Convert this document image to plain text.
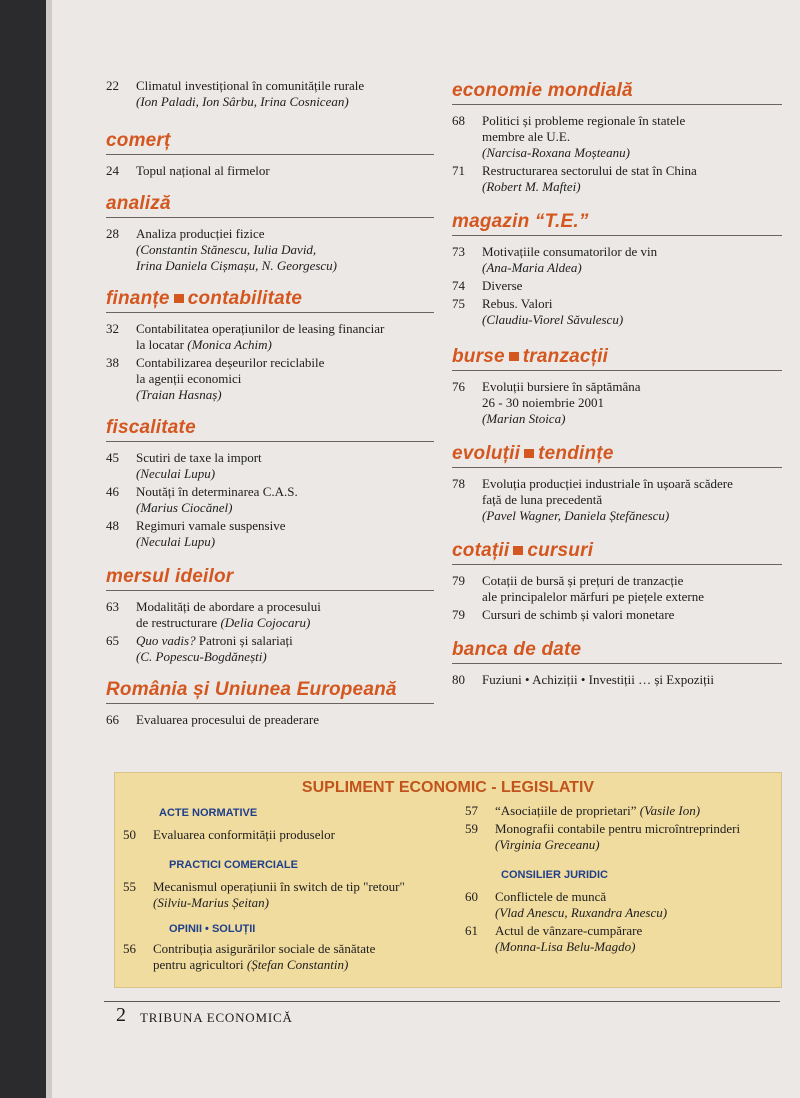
22	Climatul investițional în comunitățile rurale
(Ion Paladi, Ion Sârbu, Irina Cosnicean)
comerț
24	Topul național al firmelor
analiză
28	Analiza producției fizice
(Constantin Stănescu, Iulia David,
Irina Daniela Cișmașu, N. Georgescu)
finanțe contabilitate
32	Contabilitatea operațiunilor de leasing financiar
la locatar (Monica Achim)
38	Contabilizarea deșeurilor reciclabile
la agenții economici
(Traian Hasnaș)
fiscalitate
45	Scutiri de taxe la import
(Neculai Lupu)
46	Noutăți în determinarea C.A.S.
(Marius Ciocănel)
48	Regimuri vamale suspensive
(Neculai Lupu)
mersul ideilor
63	Modalități de abordare a procesului
de restructurare (Delia Cojocaru)
65	Quo vadis? Patroni și salariați
(C. Popescu-Bogdănești)
România și Uniunea Europeană
66	Evaluarea procesului de preaderare
economie mondială
68	Politici și probleme regionale în statele
membre ale U.E.
(Narcisa-Roxana Moșteanu)
71	Restructurarea sectorului de stat în China
(Robert M. Maftei)
magazin “T.E.”
73	Motivațiile consumatorilor de vin
(Ana-Maria Aldea)
74	Diverse
75	Rebus. Valori
(Claudiu-Viorel Săvulescu)
burse tranzacții
76	Evoluții bursiere în săptămâna
26 - 30 noiembrie 2001
(Marian Stoica)
evoluții tendințe
78	Evoluția producției industriale în ușoară scădere
față de luna precedentă
(Pavel Wagner, Daniela Ștefănescu)
cotații cursuri
79	Cotații de bursă și prețuri de tranzacție
ale principalelor mărfuri pe piețele externe
79	Cursuri de schimb și valori monetare
banca de date
80	Fuziuni • Achiziții • Investiții … și Expoziții
SUPLIMENT ECONOMIC - LEGISLATIV
ACTE NORMATIVE
50	Evaluarea conformității produselor
PRACTICI COMERCIALE
55	Mecanismul operațiunii în switch de tip "retour"
(Silviu-Marius Șeitan)
OPINII • SOLUȚII
56	Contribuția asigurărilor sociale de sănătate
pentru agricultori (Ștefan Constantin)
57	“Asociațiile de proprietari” (Vasile Ion)
59	Monografii contabile pentru microîntreprinderi
(Virginia Greceanu)
CONSILIER JURIDIC
60	Conflictele de muncă
(Vlad Anescu, Ruxandra Anescu)
61	Actul de vânzare-cumpărare
(Monna-Lisa Belu-Magdo)
2 TRIBUNA ECONOMICĂ
